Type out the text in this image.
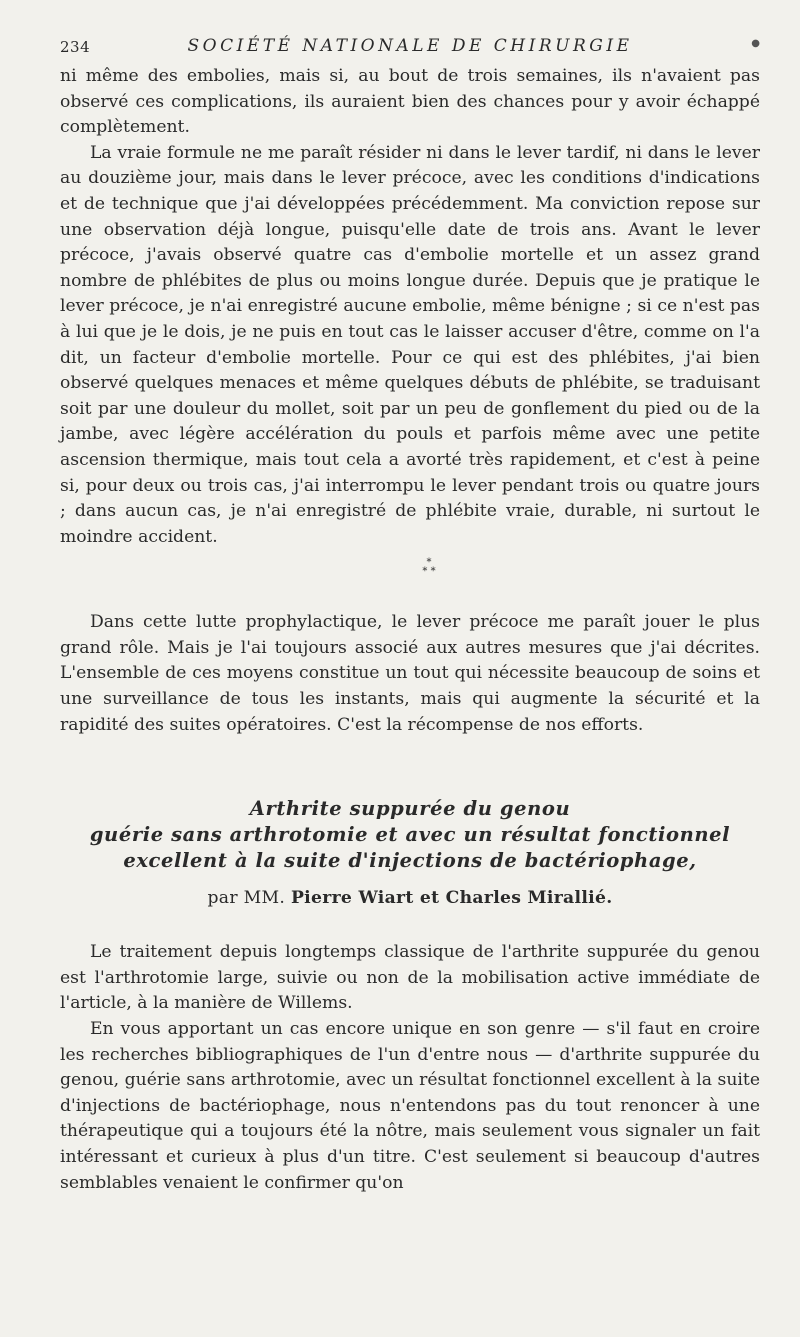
234	SOCIÉTÉ NATIONALE DE CHIRURGIE	●

ni même des embolies, mais si, au bout de trois semaines, ils n'avaient pas observé ces complications, ils auraient bien des chances pour y avoir échappé complètement.

La vraie formule ne me paraît résider ni dans le lever tardif, ni dans le lever au douzième jour, mais dans le lever précoce, avec les conditions d'indications et de technique que j'ai développées précédemment. Ma conviction repose sur une observation déjà longue, puisqu'elle date de trois ans. Avant le lever précoce, j'avais observé quatre cas d'embolie mortelle et un assez grand nombre de phlébites de plus ou moins longue durée. Depuis que je pratique le lever précoce, je n'ai enregistré aucune embolie, même bénigne ; si ce n'est pas à lui que je le dois, je ne puis en tout cas le laisser accuser d'être, comme on l'a dit, un facteur d'embolie mortelle. Pour ce qui est des phlébites, j'ai bien observé quelques menaces et même quelques débuts de phlébite, se traduisant soit par une douleur du mollet, soit par un peu de gonflement du pied ou de la jambe, avec légère accélération du pouls et parfois même avec une petite ascension thermique, mais tout cela a avorté très rapidement, et c'est à peine si, pour deux ou trois cas, j'ai interrompu le lever pendant trois ou quatre jours ; dans aucun cas, je n'ai enregistré de phlébite vraie, durable, ni surtout le moindre accident.

*
* *

Dans cette lutte prophylactique, le lever précoce me paraît jouer le plus grand rôle. Mais je l'ai toujours associé aux autres mesures que j'ai décrites. L'ensemble de ces moyens constitue un tout qui nécessite beaucoup de soins et une surveillance de tous les instants, mais qui augmente la sécurité et la rapidité des suites opératoires. C'est la récompense de nos efforts.

Arthrite suppurée du genou
guérie sans arthrotomie et avec un résultat fonctionnel
excellent à la suite d'injections de bactériophage,
par MM. Pierre Wiart et Charles Mirallié.

Le traitement depuis longtemps classique de l'arthrite suppurée du genou est l'arthrotomie large, suivie ou non de la mobilisation active immédiate de l'article, à la manière de Willems.

En vous apportant un cas encore unique en son genre — s'il faut en croire les recherches bibliographiques de l'un d'entre nous — d'arthrite suppurée du genou, guérie sans arthrotomie, avec un résultat fonctionnel excellent à la suite d'injections de bactériophage, nous n'entendons pas du tout renoncer à une thérapeutique qui a toujours été la nôtre, mais seulement vous signaler un fait intéressant et curieux à plus d'un titre. C'est seulement si beaucoup d'autres semblables venaient le confirmer qu'on
